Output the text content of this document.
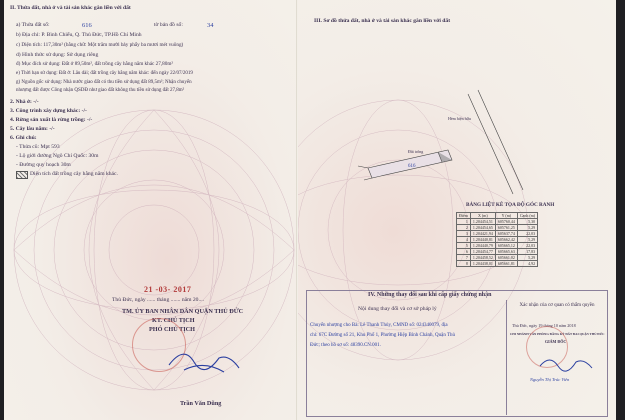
II. Thửa đất, nhà ở và tài sản khác gắn liền với đất
a) Thửa đất số:	616	tờ bản đồ số:	34
b) Địa chỉ: P. Bình Chiểu, Q. Thủ Đức, TP.Hồ Chí Minh
c) Diện tích: 117,30m² (bằng chữ: Một trăm mười bảy phẩy ba mươi mét vuông)
d) Hình thức sử dụng: Sử dụng riêng
đ) Mục đích sử dụng: Đất ở 89,50m², đất trồng cây hằng năm khác 27,80m²
e) Thời hạn sử dụng: Đất ở: Lâu dài; đất trồng cây hằng năm khác: đến ngày 22/07/2019
g) Nguồn gốc sử dụng: Nhà nước giao đất có thu tiền sử dụng đất 89,5m²; Nhận chuyển
nhượng đất được Công nhận QSDĐ như giao đất không thu tiền sử dụng đất 27,8m²
2. Nhà ở: -/-
3. Công trình xây dựng khác: -/-
4. Rừng sản xuất là rừng trồng: -/-
5. Cây lâu năm: -/-
6. Ghi chú:
- Thửa cũ: Mpt 593
- Lộ giới đường Ngô Chí Quốc: 30m
- Đường quy hoạch 30m
Diện tích đất trồng cây hằng năm khác.
21 -03- 2017
Thủ Đức, ngày ...... tháng ....... năm 20....
TM. ỦY BAN NHÂN DÂN QUẬN THỦ ĐỨC
KT. CHỦ TỊCH
PHÓ CHỦ TỊCH
Trần Văn Dũng
III. Sơ đồ thửa đất, nhà ở và tài sản khác gắn liền với đất
Hẻm hiện hữu
Đất trống
616
BẢNG LIỆT KÊ TỌA ĐỘ GÓC RANH
Điểm	X (m)	Y (m)	Cạnh (m)
1	1.204454,51	605760,44	5,30
2	1.204454,65	605761,25	5,29
3	1.204421,94	605637,74	22,03
4	1.204440,81	605662,42	5,29
5	1.204440,79	605665,12	22,03
6	1.204454,77	605665,63	17,83
7	1.204458,52	605661,02	5,29
8	1.204438,01	605661,81	4,92
IV. Những thay đổi sau khi cấp giấy chứng nhận
Nội dung thay đổi và cơ sở pháp lý
Xác nhận của cơ quan có thẩm quyền
Chuyển nhượng cho Bà: Lê Thanh Thủy, CMND số: 024340079, địa
chỉ: 67C Đường số 21, Khu Phố 1, Phường Hiệp Bình Chánh, Quận Thủ
Đức; theo hồ sơ số: 48390.CN.001.
Thủ Đức, ngày 19 tháng 10 năm 2018
CHI NHÁNH VĂN PHÒNG ĐĂNG KÝ ĐẤT ĐAI QUẬN THỦ ĐỨC
GIÁM ĐỐC
Nguyễn Thị Trúc Viên
